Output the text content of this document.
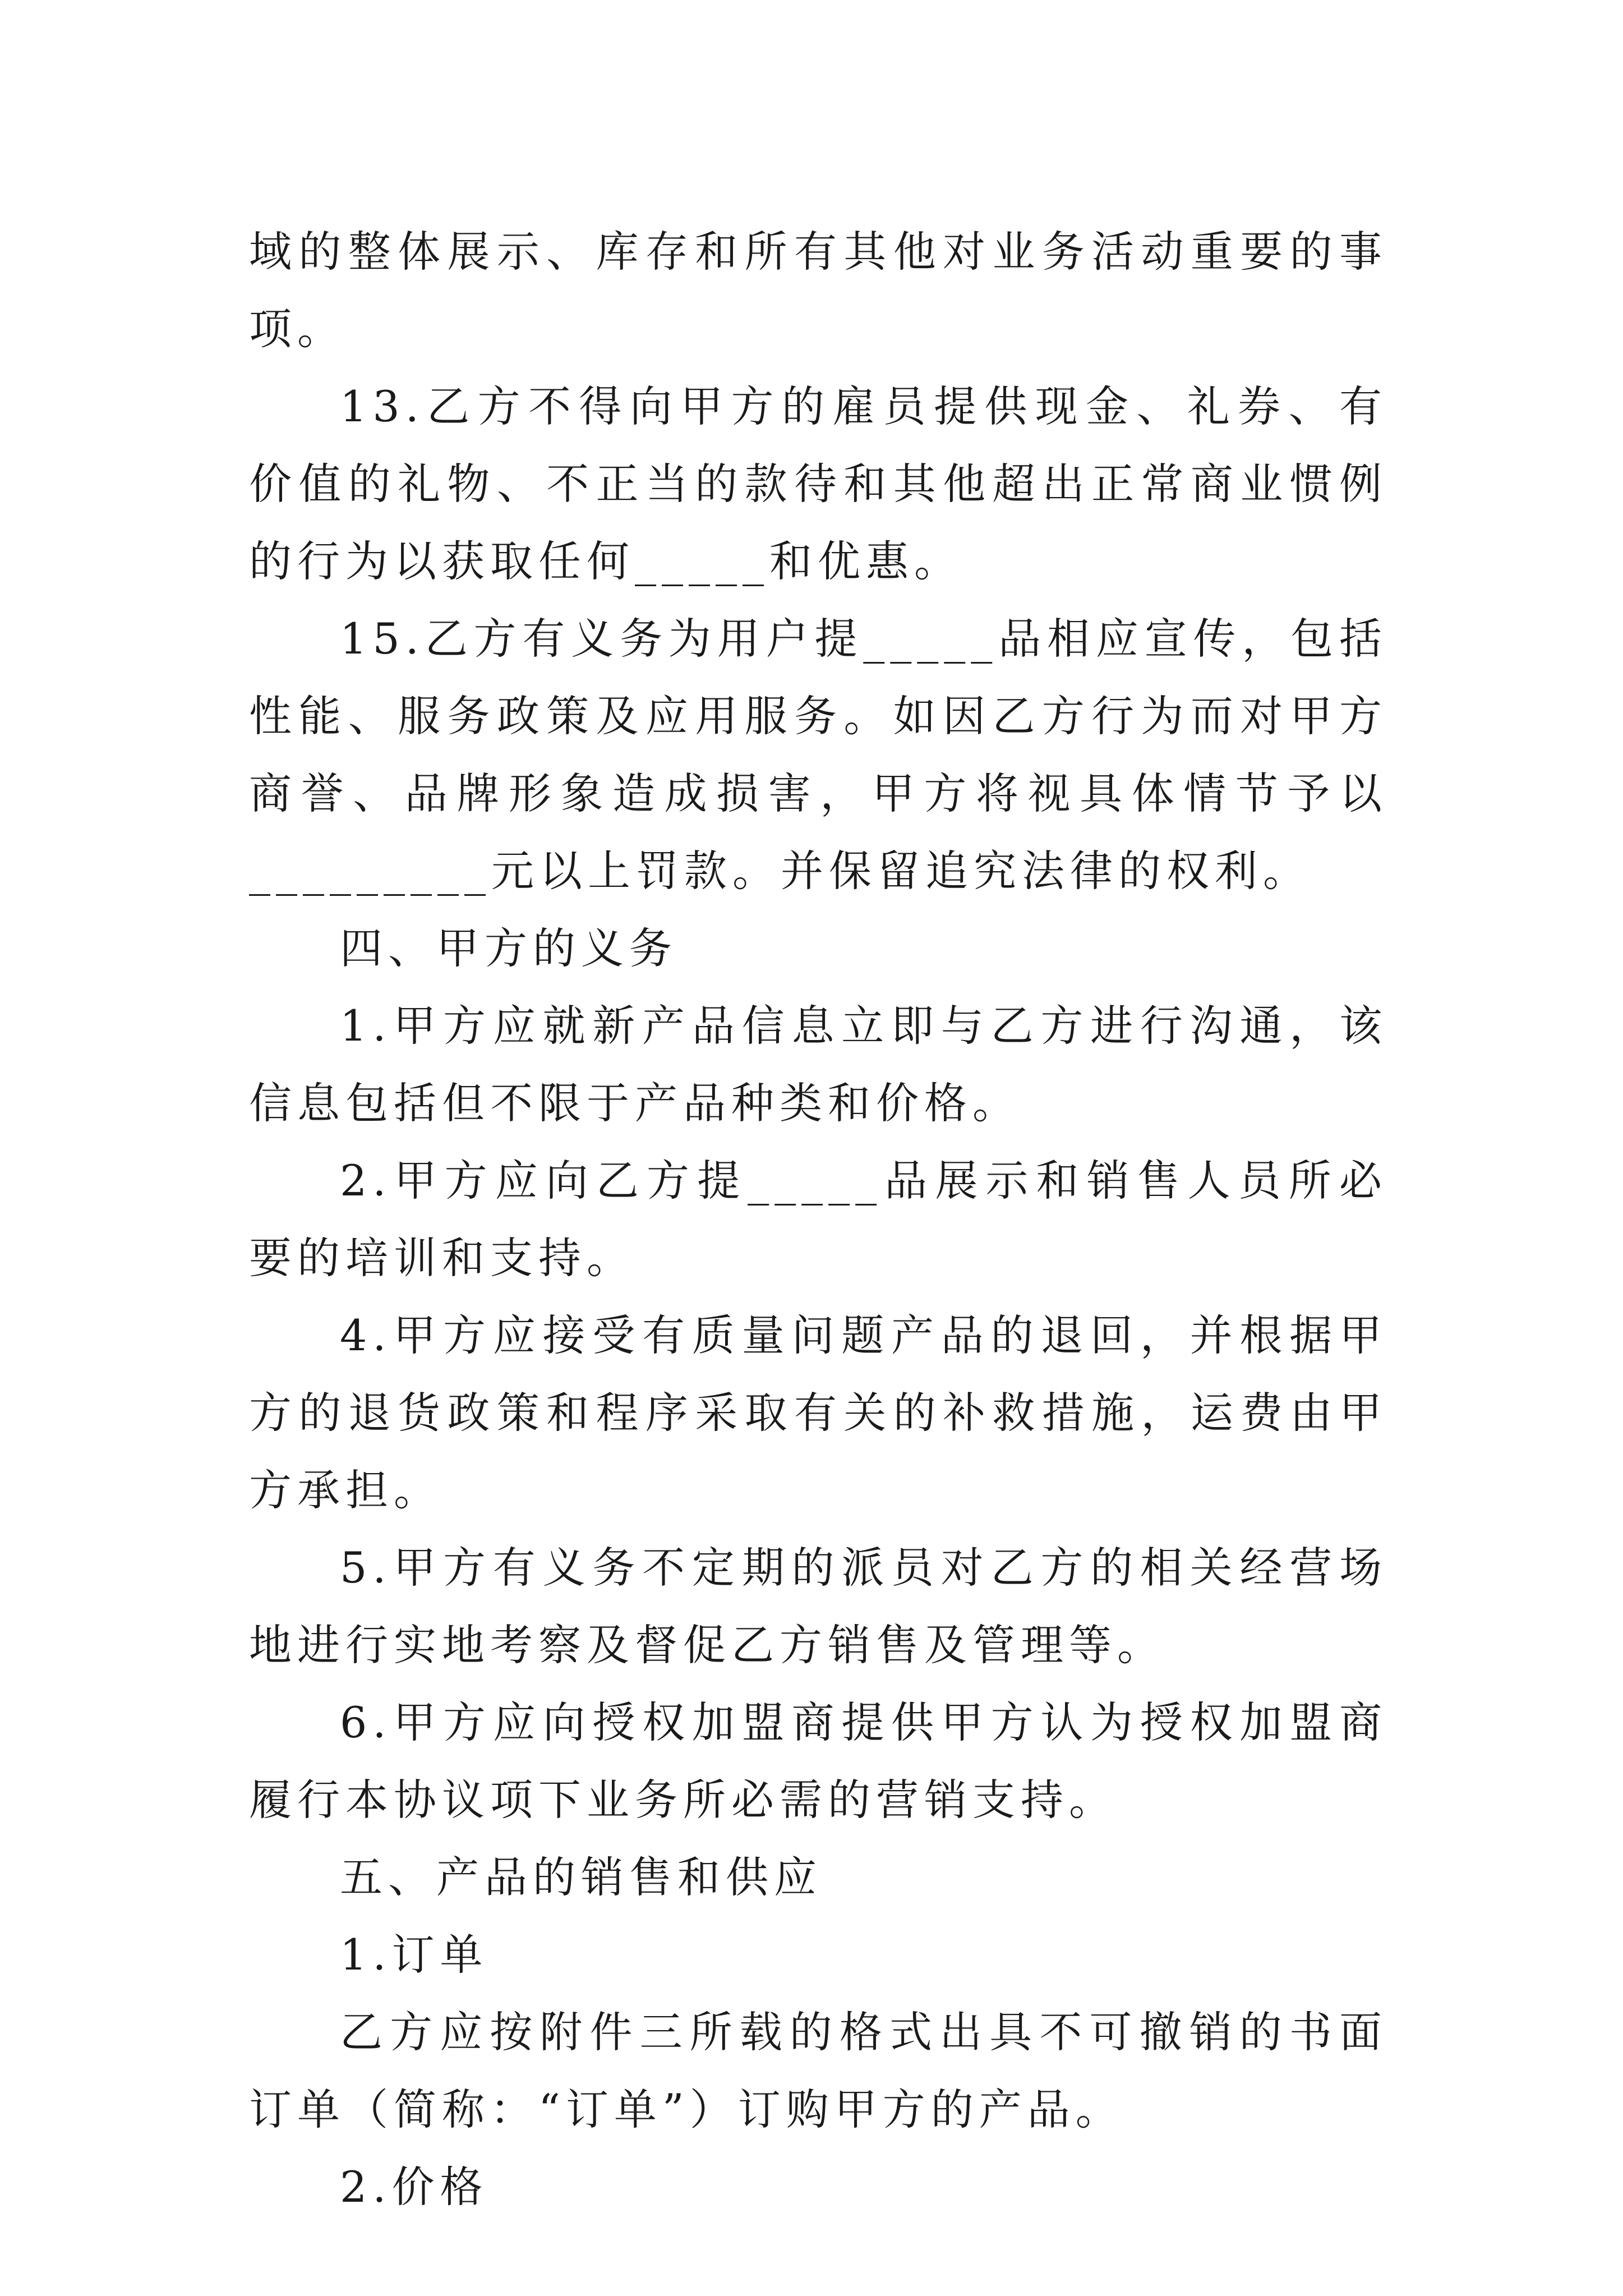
域的整体展示、库存和所有其他对业务活动重要的事项。

13.乙方不得向甲方的雇员提供现金、礼券、有价值的礼物、不正当的款待和其他超出正常商业惯例的行为以获取任何_____和优惠。

15.乙方有义务为用户提_____品相应宣传，包括性能、服务政策及应用服务。如因乙方行为而对甲方商誉、品牌形象造成损害，甲方将视具体情节予以_________元以上罚款。并保留追究法律的权利。

四、甲方的义务

1.甲方应就新产品信息立即与乙方进行沟通，该信息包括但不限于产品种类和价格。

2.甲方应向乙方提_____品展示和销售人员所必要的培训和支持。

4.甲方应接受有质量问题产品的退回，并根据甲方的退货政策和程序采取有关的补救措施，运费由甲方承担。

5.甲方有义务不定期的派员对乙方的相关经营场地进行实地考察及督促乙方销售及管理等。

6.甲方应向授权加盟商提供甲方认为授权加盟商履行本协议项下业务所必需的营销支持。

五、产品的销售和供应

1.订单

乙方应按附件三所载的格式出具不可撤销的书面订单（简称：“订单”）订购甲方的产品。

2.价格
